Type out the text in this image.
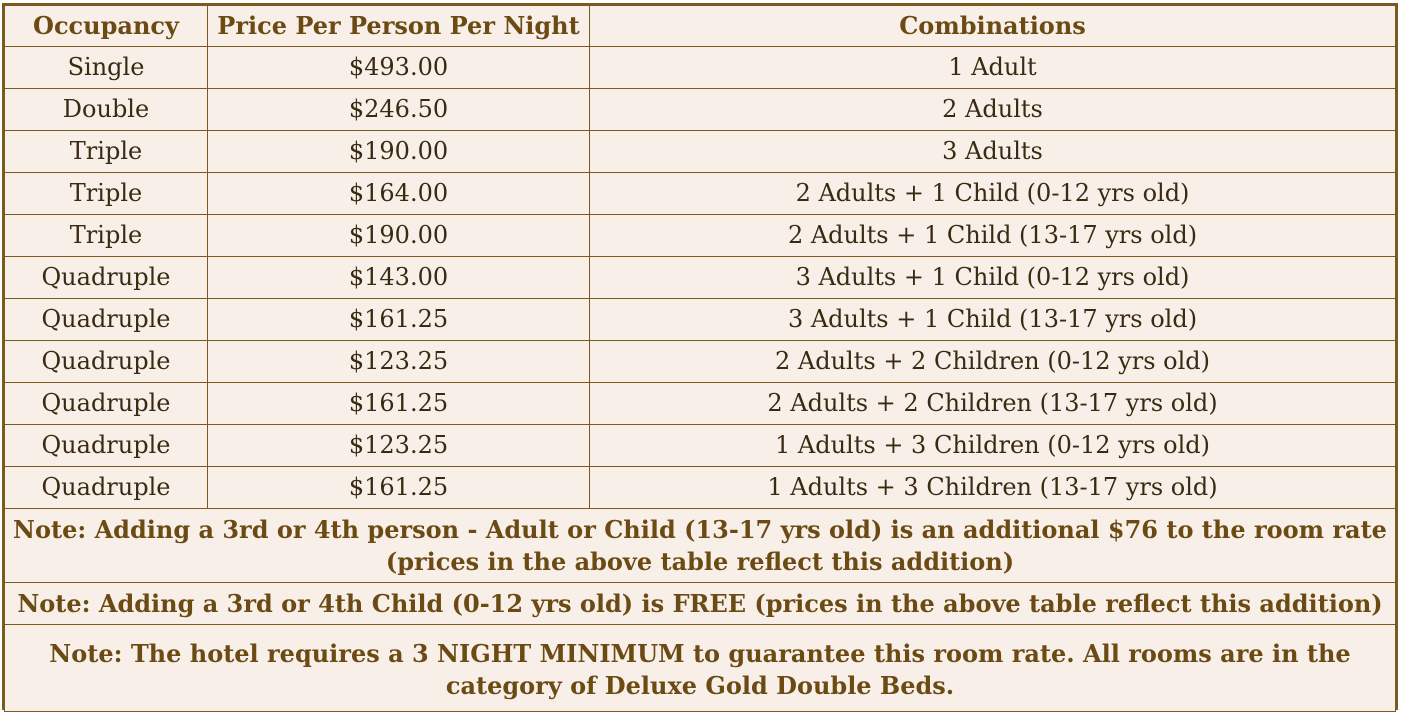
Occupancy	Price Per Person Per Night	Combinations
Single	$493.00	1 Adult
Double	$246.50	2 Adults
Triple	$190.00	3 Adults
Triple	$164.00	2 Adults + 1 Child (0-12 yrs old)
Triple	$190.00	2 Adults + 1 Child (13-17 yrs old)
Quadruple	$143.00	3 Adults + 1 Child (0-12 yrs old)
Quadruple	$161.25	3 Adults + 1 Child (13-17 yrs old)
Quadruple	$123.25	2 Adults + 2 Children (0-12 yrs old)
Quadruple	$161.25	2 Adults + 2 Children (13-17 yrs old)
Quadruple	$123.25	1 Adults + 3 Children (0-12 yrs old)
Quadruple	$161.25	1 Adults + 3 Children (13-17 yrs old)
Note: Adding a 3rd or 4th person - Adult or Child (13-17 yrs old) is an additional $76 to the room rate
(prices in the above table reflect this addition)		
Note: Adding a 3rd or 4th Child (0-12 yrs old) is FREE (prices in the above table reflect this addition)		
Note: The hotel requires a 3 NIGHT MINIMUM to guarantee this room rate. All rooms are in the
category of Deluxe Gold Double Beds.		
